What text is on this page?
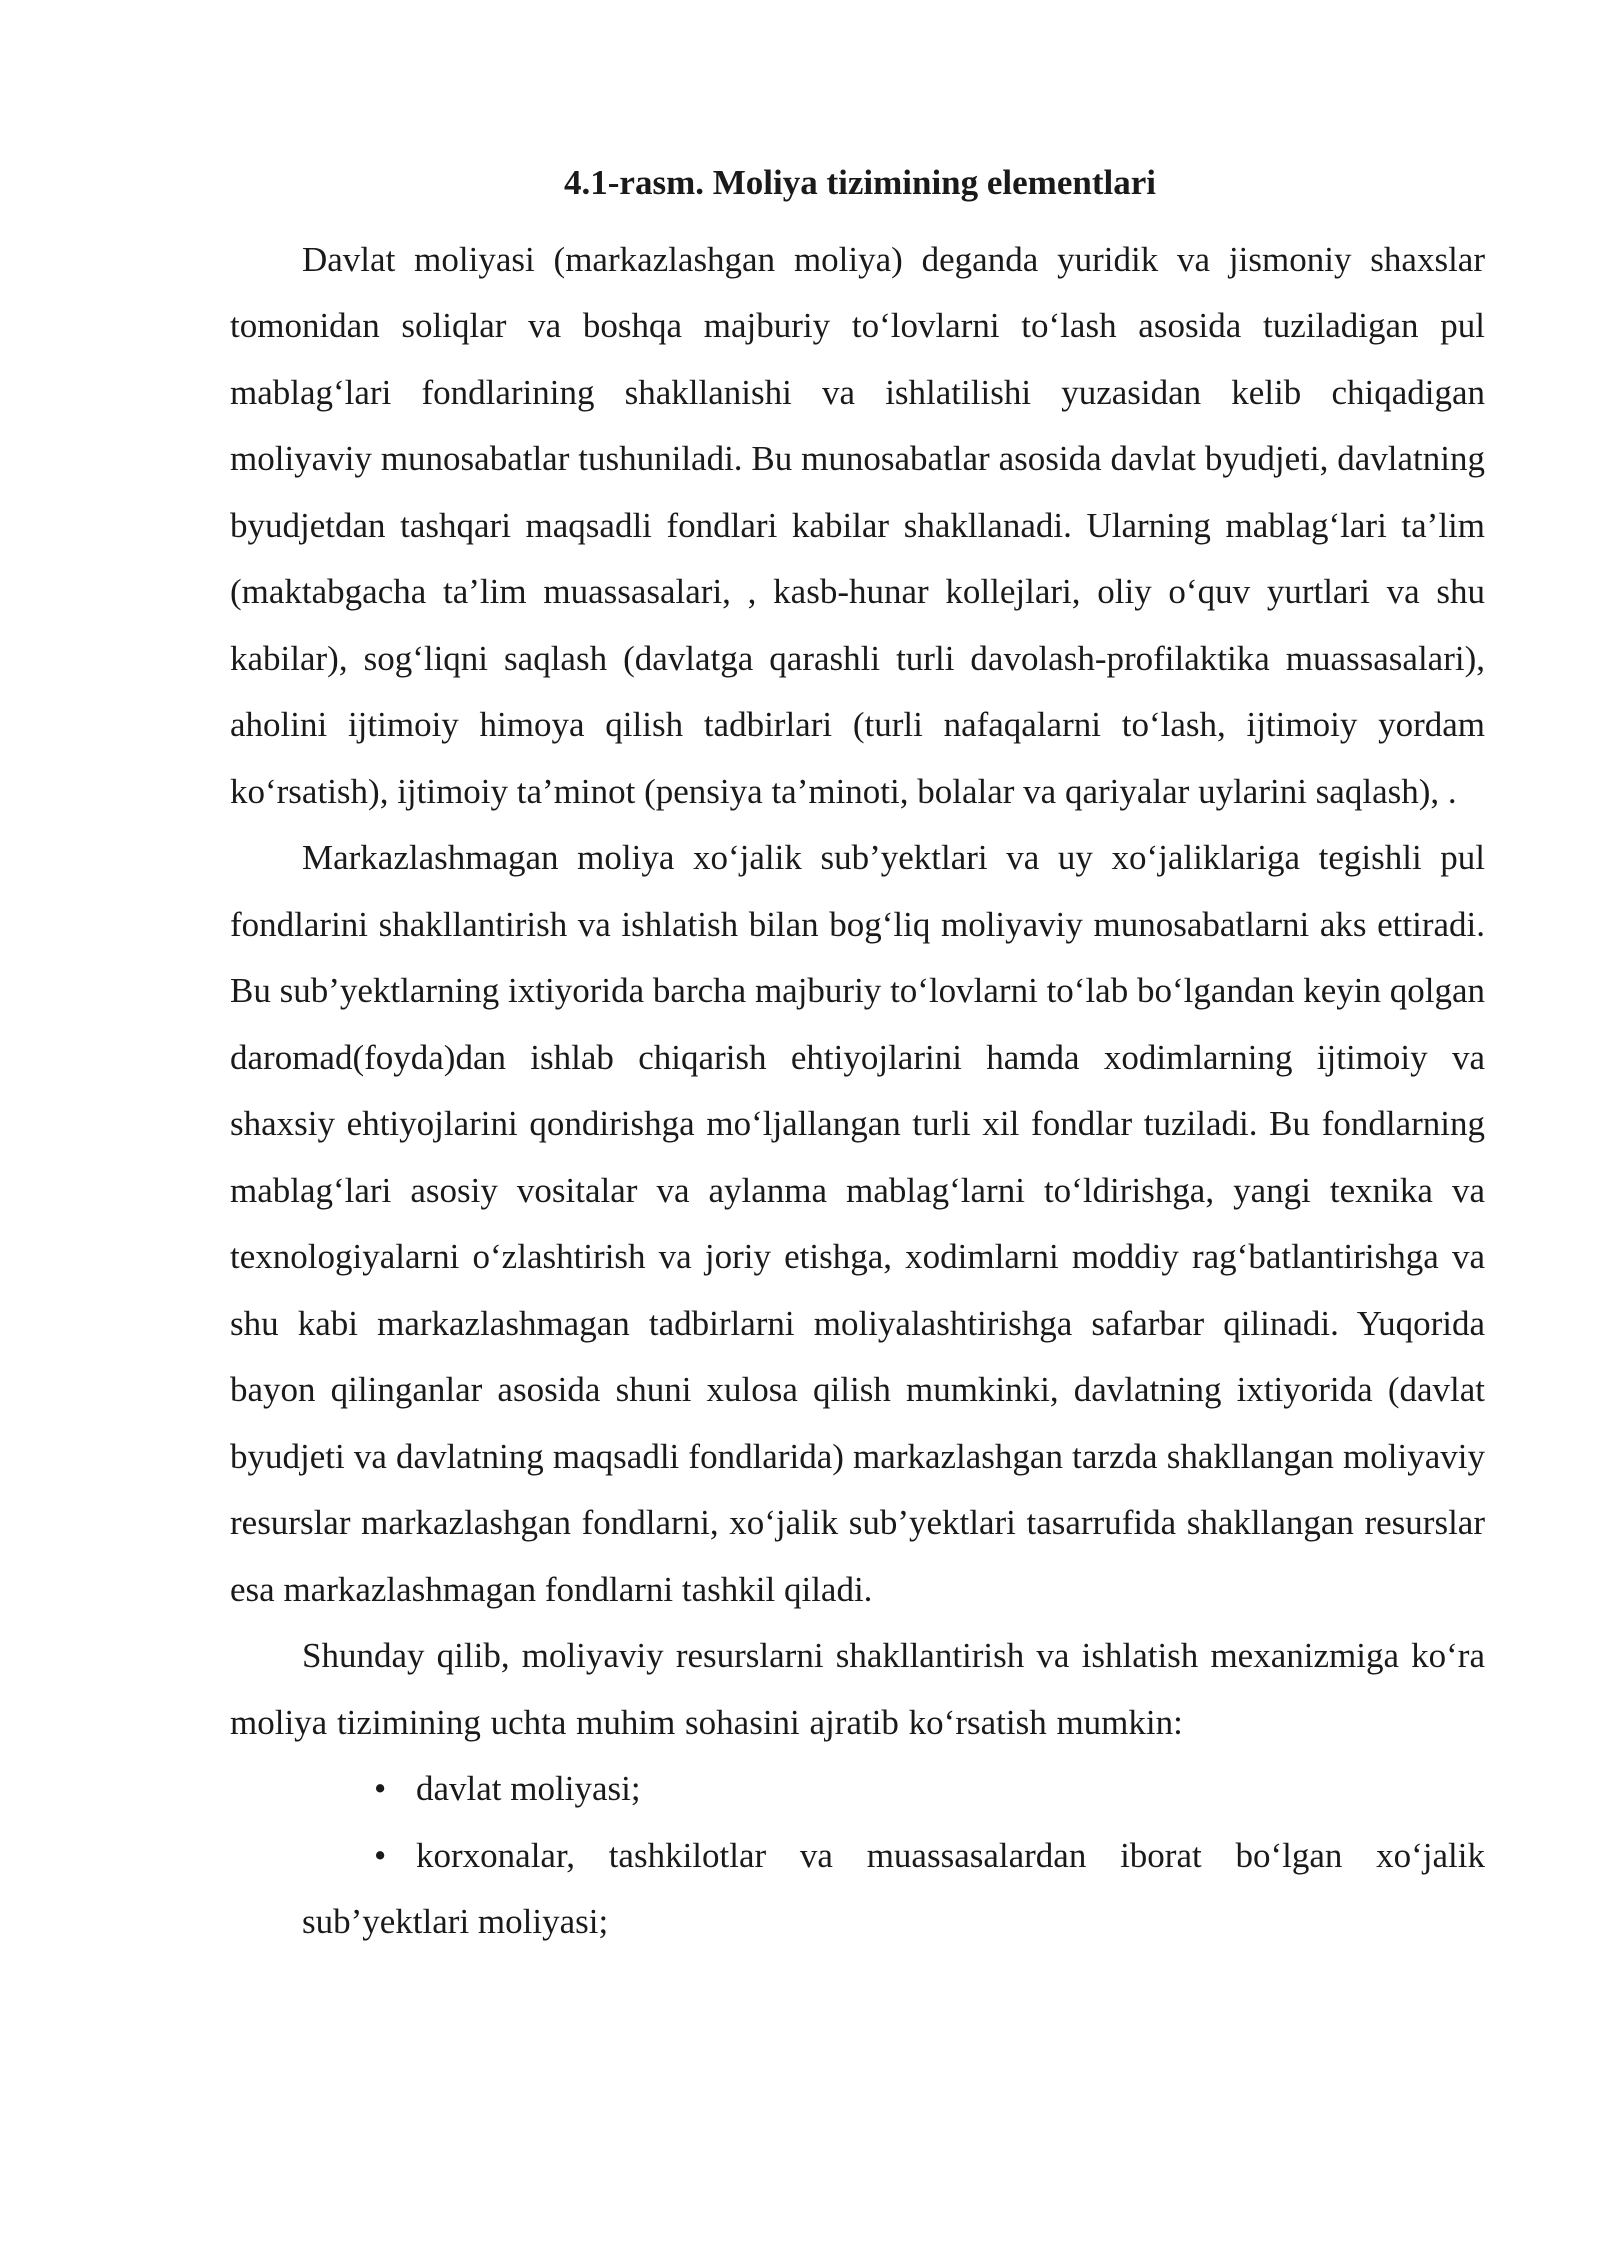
4.1-rasm. Moliya tizimining elementlari

Davlat moliyasi (markazlashgan moliya) deganda yuridik va jismoniy shaxslar tomonidan soliqlar va boshqa majburiy to‘lovlarni to‘lash asosida tuziladigan pul mablag‘lari fondlarining shakllanishi va ishlatilishi yuzasidan kelib chiqadigan moliyaviy munosabatlar tushuniladi. Bu munosabatlar asosida davlat byudjeti, davlatning byudjetdan tashqari maqsadli fondlari kabilar shakllanadi. Ularning mablag‘lari ta’lim (maktabgacha ta’lim muassasalari, , kasb-hunar kollejlari, oliy o‘quv yurtlari va shu kabilar), sog‘liqni saqlash (davlatga qarashli turli davolash-profilaktika muassasalari), aholini ijtimoiy himoya qilish tadbirlari (turli nafaqalarni to‘lash, ijtimoiy yordam ko‘rsatish), ijtimoiy ta’minot (pensiya ta’minoti, bolalar va qariyalar uylarini saqlash), .

Markazlashmagan moliya xo‘jalik sub’yektlari va uy xo‘jaliklariga tegishli pul fondlarini shakllantirish va ishlatish bilan bog‘liq moliyaviy munosabatlarni aks ettiradi. Bu sub’yektlarning ixtiyorida barcha majburiy to‘lovlarni to‘lab bo‘lgandan keyin qolgan daromad(foyda)dan ishlab chiqarish ehtiyojlarini hamda xodimlarning ijtimoiy va shaxsiy ehtiyojlarini qondirishga mo‘ljallangan turli xil fondlar tuziladi. Bu fondlarning mablag‘lari asosiy vositalar va aylanma mablag‘larni to‘ldirishga, yangi texnika va texnologiyalarni o‘zlashtirish va joriy etishga, xodimlarni moddiy rag‘batlantirishga va shu kabi markazlashmagan tadbirlarni moliyalashtirishga safarbar qilinadi. Yuqorida bayon qilinganlar asosida shuni xulosa qilish mumkinki, davlatning ixtiyorida (davlat byudjeti va davlatning maqsadli fondlarida) markazlashgan tarzda shakllangan moliyaviy resurslar markazlashgan fondlarni, xo‘jalik sub’yektlari tasarrufida shakllangan resurslar esa markazlashmagan fondlarni tashkil qiladi.

Shunday qilib, moliyaviy resurslarni shakllantirish va ishlatish mexanizmiga ko‘ra moliya tizimining uchta muhim sohasini ajratib ko‘rsatish mumkin:

• davlat moliyasi;
• korxonalar, tashkilotlar va muassasalardan iborat bo‘lgan xo‘jalik sub’yektlari moliyasi;
